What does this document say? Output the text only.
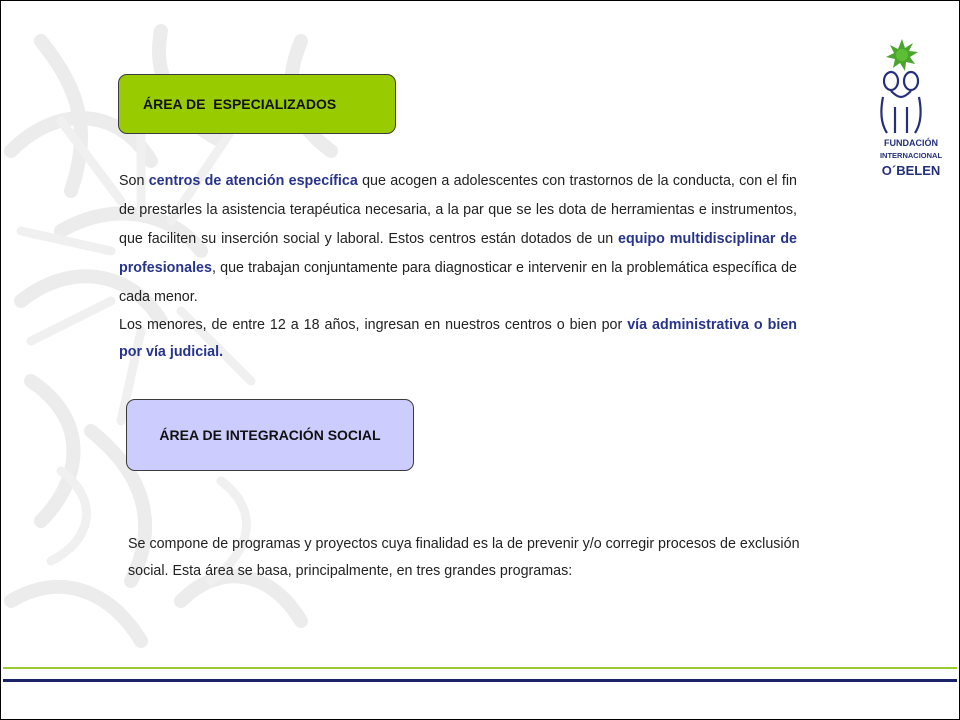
FUNDACIÓN
INTERNACIONAL
O´BELEN
ÁREA DE  ESPECIALIZADOS
Son centros de atención específica que acogen a adolescentes con trastornos de la conducta, con el fin de prestarles la asistencia terapéutica necesaria, a la par que se les dota de herramientas e instrumentos, que faciliten su inserción social y laboral. Estos centros están dotados de un equipo multidisciplinar de profesionales, que trabajan conjuntamente para diagnosticar e intervenir en la problemática específica de cada menor.
Los menores, de entre 12 a 18 años, ingresan en nuestros centros o bien por vía administrativa o bien por vía judicial.
ÁREA DE INTEGRACIÓN SOCIAL
Se compone de programas y proyectos cuya finalidad es la de prevenir y/o corregir procesos de exclusión social. Esta área se basa, principalmente, en tres grandes programas:
